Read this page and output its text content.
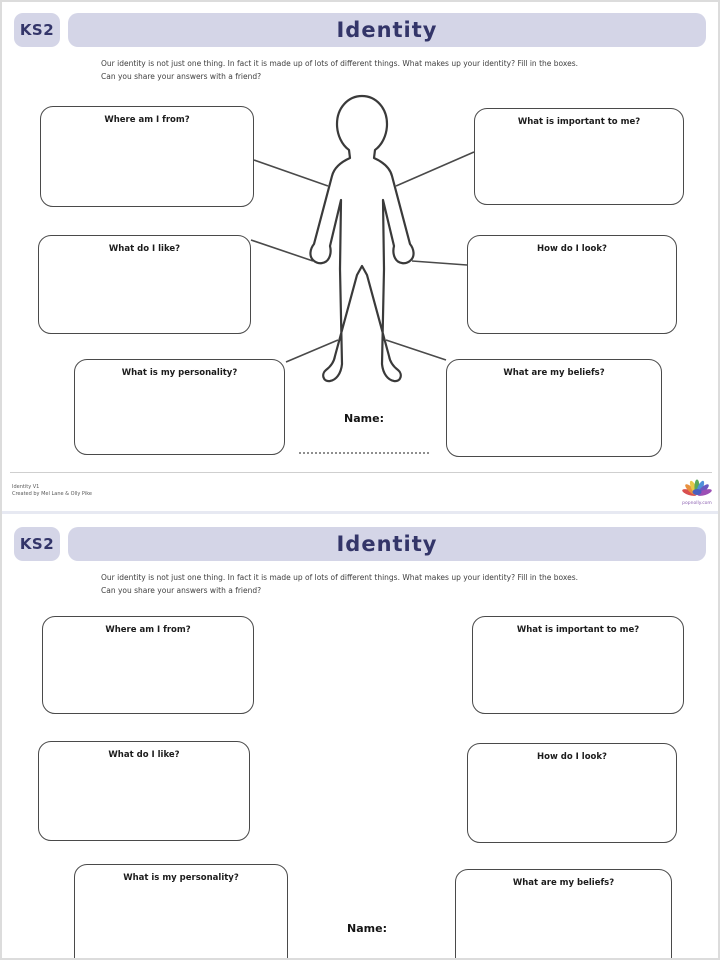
KS2	Identity

Our identity is not just one thing. In fact it is made up of lots of different things. What makes up your identity? Fill in the boxes.
Can you share your answers with a friend?

Where am I from?
What do I like?
What is my personality?
What is important to me?
How do I look?
What are my beliefs?
Name:
Identity V1
Created by Mel Lane & Olly Pike
popnolly.com
KS2	Identity

Our identity is not just one thing. In fact it is made up of lots of different things. What makes up your identity? Fill in the boxes.
Can you share your answers with a friend?

Where am I from?
What do I like?
What is my personality?
What is important to me?
How do I look?
What are my beliefs?
Name:
